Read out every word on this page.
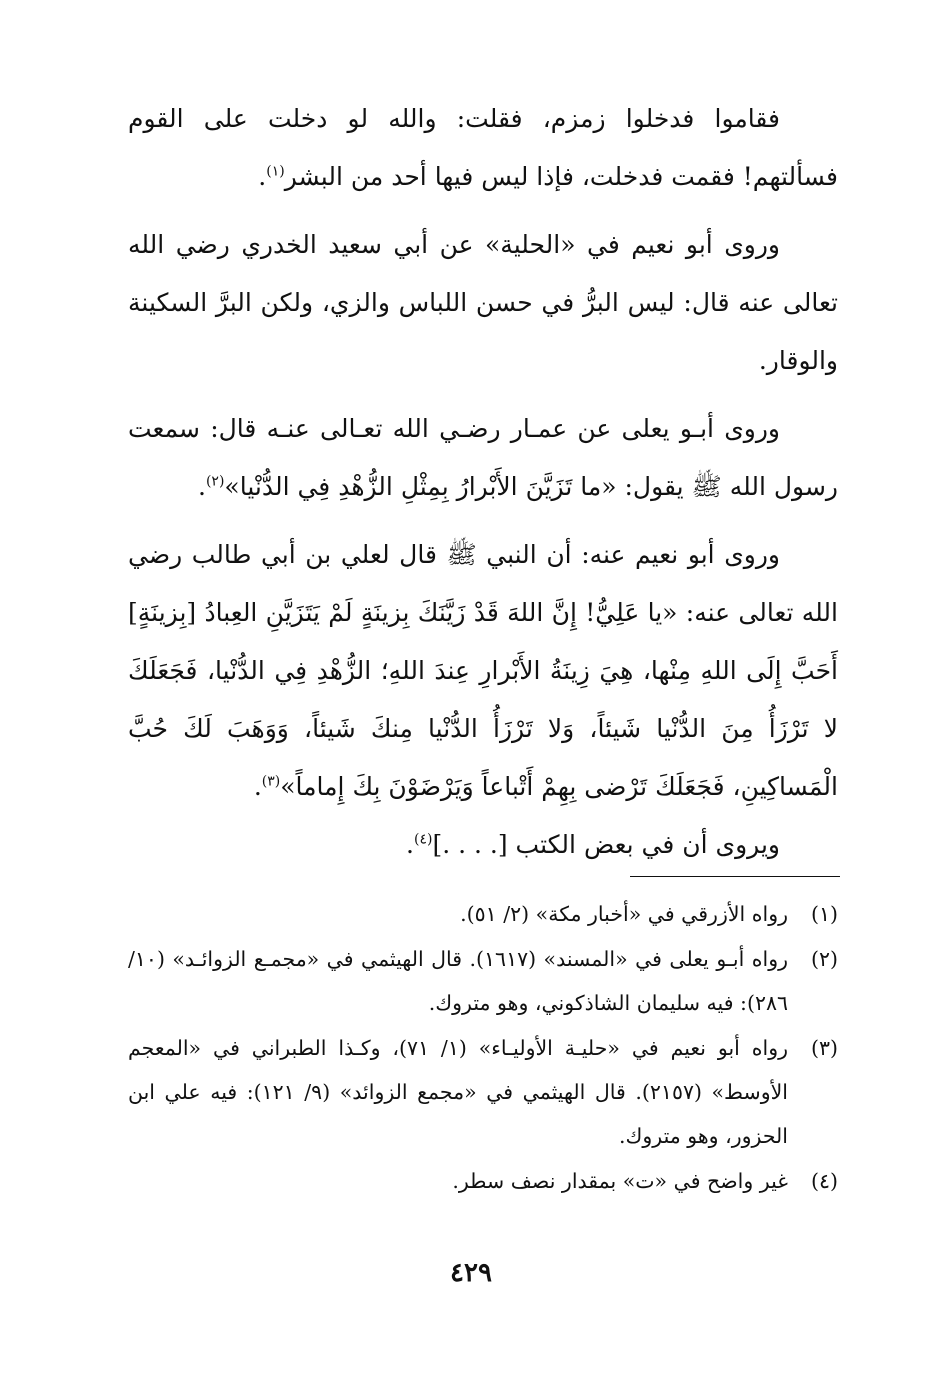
فقاموا فدخلوا زمزم، فقلت: والله لو دخلت على القوم فسألتهم! فقمت فدخلت، فإذا ليس فيها أحد من البشر$^{(١)}$.

وروى أبو نعيم في «الحلية» عن أبي سعيد الخدري رضي الله تعالى عنه قال: ليس البرُّ في حسن اللباس والزي، ولكن البرَّ السكينة والوقار.

وروى أبـو يعلى عن عمـار رضـي الله تعـالى عنـه قال: سمعت رسول الله ﷺ يقول: «ما تَزَيَّنَ الأَبْرارُ بِمِثْلِ الزُّهْدِ فِي الدُّنْيا»$^{(٢)}$.

وروى أبو نعيم عنه: أن النبي ﷺ قال لعلي بن أبي طالب رضي الله تعالى عنه: «يا عَلِيُّ! إِنَّ اللهَ قَدْ زَيَّنَكَ بِزينَةٍ لَمْ يَتَزَيَّنِ العِبادُ [بِزينَةٍ] أَحَبَّ إِلَى اللهِ مِنْها، هِيَ زِينَةُ الأَبْرارِ عِندَ اللهِ؛ الزُّهْدِ فِي الدُّنْيا، فَجَعَلَكَ لا تَرْزَأُ مِنَ الدُّنْيا شَيئاً، وَلا تَرْزَأُ الدُّنْيا مِنكَ شَيئاً، وَوَهَبَ لَكَ حُبَّ الْمَساكِينِ، فَجَعَلَكَ تَرْضى بِهِمْ أَتْباعاً وَيَرْضَوْنَ بِكَ إِماماً»$^{(٣)}$.

ويروى أن في بعض الكتب [. . . .]$^{(٤)}$.

(١)
رواه الأزرقي في «أخبار مكة» (٢/ ٥١).
(٢)
رواه أبـو يعلى في «المسند» (١٦١٧). قال الهيثمي في «مجمـع الزوائـد» (١٠/ ٢٨٦): فيه سليمان الشاذكوني، وهو متروك.
(٣)
رواه أبو نعيم في «حليـة الأوليـاء» (١/ ٧١)، وكـذا الطبراني في «المعجم الأوسط» (٢١٥٧). قال الهيثمي في «مجمع الزوائد» (٩/ ١٢١): فيه علي ابن الحزور، وهو متروك.
(٤)
غير واضح في «ت» بمقدار نصف سطر.
٤٢٩
